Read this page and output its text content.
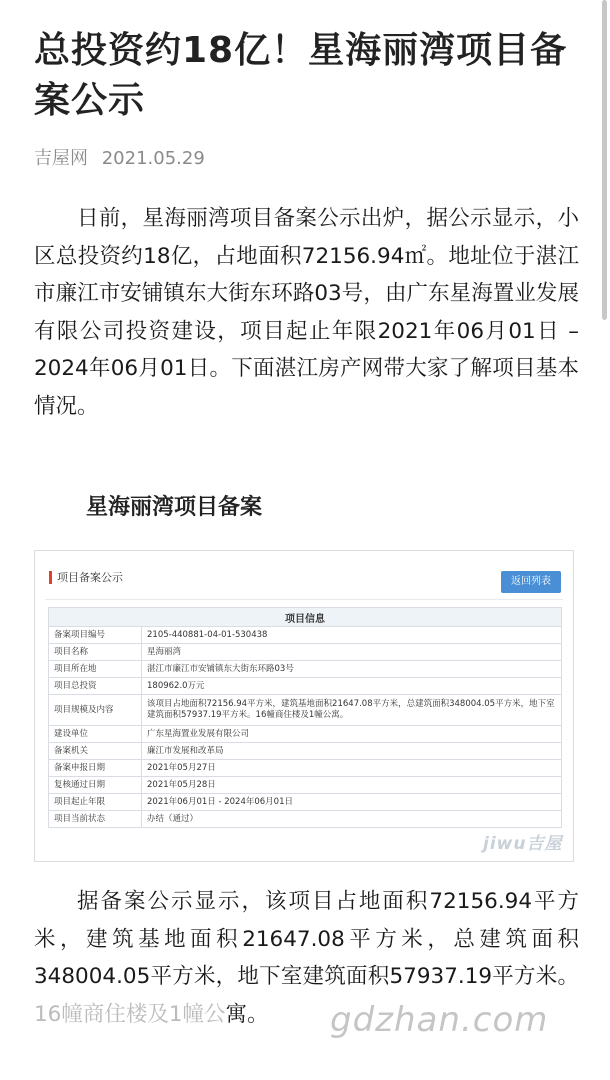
总投资约18亿！星海丽湾项目备案公示
吉屋网 2021.05.29
日前，星海丽湾项目备案公示出炉，据公示显示，小区总投资约18亿，占地面积72156.94㎡。地址位于湛江市廉江市安铺镇东大街东环路03号，由广东星海置业发展有限公司投资建设，项目起止年限2021年06月01日 – 2024年06月01日。下面湛江房产网带大家了解项目基本情况。
星海丽湾项目备案
项目备案公示	返回列表
项目信息	
备案项目编号	2105-440881-04-01-530438
项目名称	星海丽湾
项目所在地	湛江市廉江市安铺镇东大街东环路03号
项目总投资	180962.0万元
项目规模及内容	该项目占地面积72156.94平方米，建筑基地面积21647.08平方米，总建筑面积348004.05平方米，地下室建筑面积57937.19平方米。16幢商住楼及1幢公寓。
建设单位	广东星海置业发展有限公司
备案机关	廉江市发展和改革局
备案申报日期	2021年05月27日
复核通过日期	2021年05月28日
项目起止年限	2021年06月01日 - 2024年06月01日
项目当前状态	办结（通过）
jiwu吉屋
据备案公示显示，该项目占地面积72156.94平方米，建筑基地面积21647.08平方米，总建筑面积348004.05平方米，地下室建筑面积57937.19平方米。16幢商住楼及1幢公寓。	gdzhan.com
